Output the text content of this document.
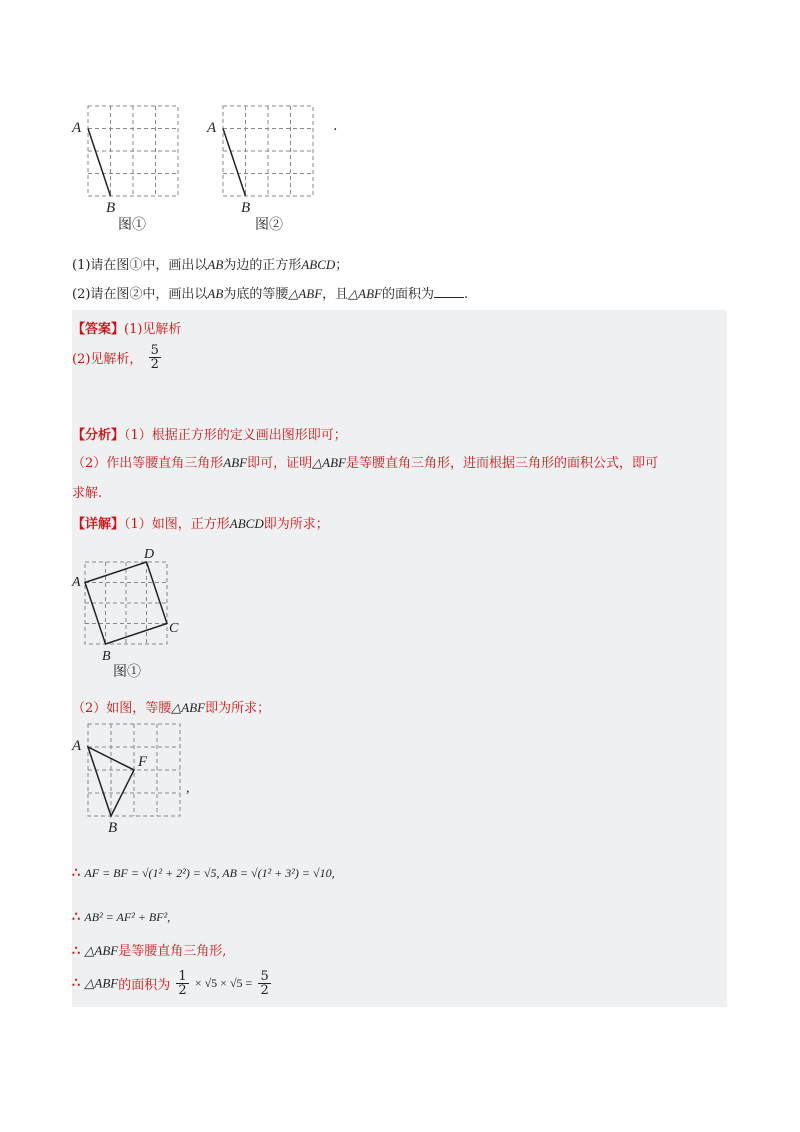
A
B
图①
A
B
图②
.
(1)请在图①中，画出以AB为边的正方形ABCD；
(2)请在图②中，画出以AB为底的等腰△ABF，且△ABF的面积为 .
【答案】(1)见解析
(2)见解析， $\frac{5}{2}$
【分析】（1）根据正方形的定义画出图形即可；
（2）作出等腰直角三角形ABF即可，证明△ABF是等腰直角三角形，进而根据三角形的面积公式，即可
求解.
【详解】（1）如图，正方形ABCD即为所求；
A
B
C
D
图①
（2）如图，等腰△ABF即为所求；
A
B
F
,
∴ AF = BF = √(1² + 2²) = √5, AB = √(1² + 3²) = √10,
∴ AB² = AF² + BF²,
∴ △ABF是等腰直角三角形,
∴ △ABF的面积为 $\frac{1}{2} \times √5 \times √5 = \frac{5}{2}$
